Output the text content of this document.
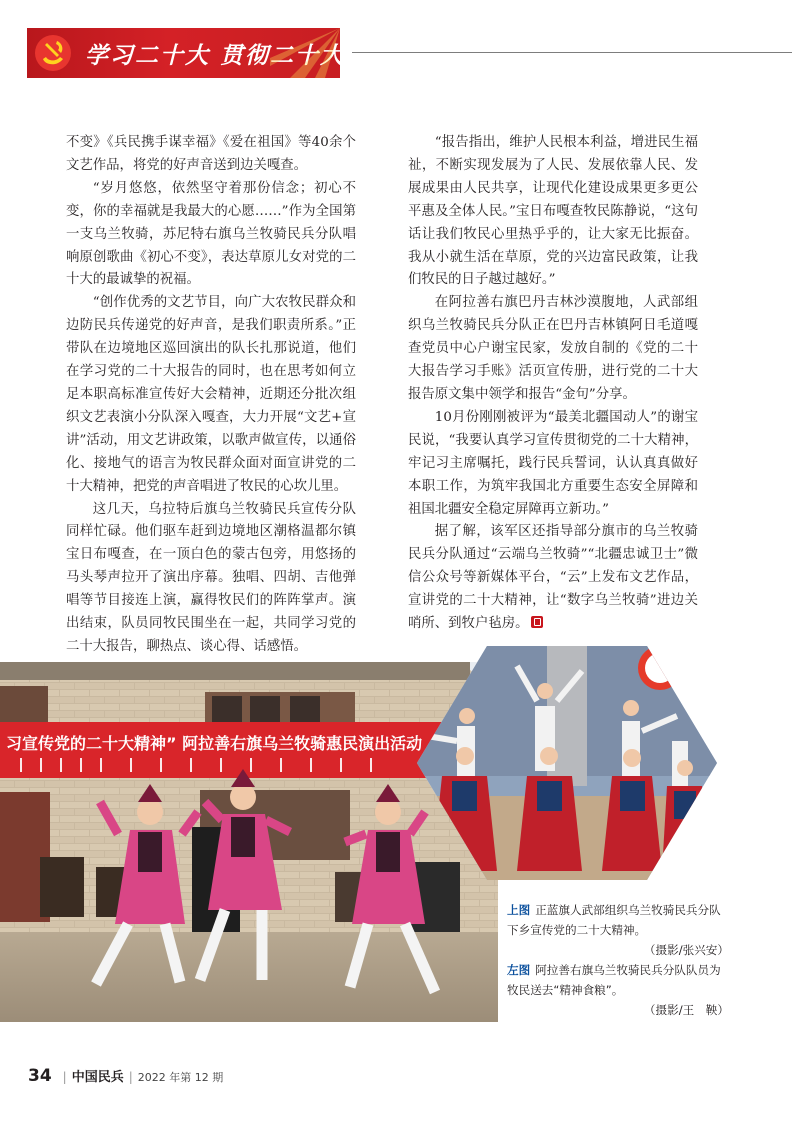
学习二十大 贯彻二十大

不变》《兵民携手谋幸福》《爱在祖国》等40余个文艺作品，将党的好声音送到边关嘎查。

“岁月悠悠，依然坚守着那份信念；初心不变，你的幸福就是我最大的心愿……”作为全国第一支乌兰牧骑，苏尼特右旗乌兰牧骑民兵分队唱响原创歌曲《初心不变》，表达草原儿女对党的二十大的最诚挚的祝福。

“创作优秀的文艺节目，向广大农牧民群众和边防民兵传递党的好声音，是我们职责所系。”正带队在边境地区巡回演出的队长扎那说道，他们在学习党的二十大报告的同时，也在思考如何立足本职高标准宣传好大会精神，近期还分批次组织文艺表演小分队深入嘎查，大力开展“文艺+宣讲”活动，用文艺讲政策，以歌声做宣传，以通俗化、接地气的语言为牧民群众面对面宣讲党的二十大精神，把党的声音唱进了牧民的心坎儿里。

这几天，乌拉特后旗乌兰牧骑民兵宣传分队同样忙碌。他们驱车赶到边境地区潮格温都尔镇宝日布嘎查，在一顶白色的蒙古包旁，用悠扬的马头琴声拉开了演出序幕。独唱、四胡、吉他弹唱等节目接连上演，赢得牧民们的阵阵掌声。演出结束，队员同牧民围坐在一起，共同学习党的二十大报告，聊热点、谈心得、话感悟。

“报告指出，维护人民根本利益，增进民生福祉，不断实现发展为了人民、发展依靠人民、发展成果由人民共享，让现代化建设成果更多更公平惠及全体人民。”宝日布嘎查牧民陈静说，“这句话让我们牧民心里热乎乎的，让大家无比振奋。我从小就生活在草原，党的兴边富民政策，让我们牧民的日子越过越好。”

在阿拉善右旗巴丹吉林沙漠腹地，人武部组织乌兰牧骑民兵分队正在巴丹吉林镇阿日毛道嘎查党员中心户谢宝民家，发放自制的《党的二十大报告学习手账》活页宣传册，进行党的二十大报告原文集中领学和报告“金句”分享。

10月份刚刚被评为“最美北疆国动人”的谢宝民说，“我要认真学习宣传贯彻党的二十大精神，牢记习主席嘱托，践行民兵誓词，认认真真做好本职工作，为筑牢我国北方重要生态安全屏障和祖国北疆安全稳定屏障再立新功。”

据了解，该军区还指导部分旗市的乌兰牧骑民兵分队通过“云端乌兰牧骑”“北疆忠诚卫士”微信公众号等新媒体平台，“云”上发布文艺作品，宣讲党的二十大精神，让“数字乌兰牧骑”进边关哨所、到牧户毡房。

习宣传党的二十大精神” 阿拉善右旗乌兰牧骑惠民演出活动
上图 正蓝旗人武部组织乌兰牧骑民兵分队下乡宣传党的二十大精神。
（摄影/张兴安）
左图 阿拉善右旗乌兰牧骑民兵分队队员为牧民送去“精神食粮”。
（摄影/王　鞅）
34 | 中国民兵 | 2022 年第 12 期
